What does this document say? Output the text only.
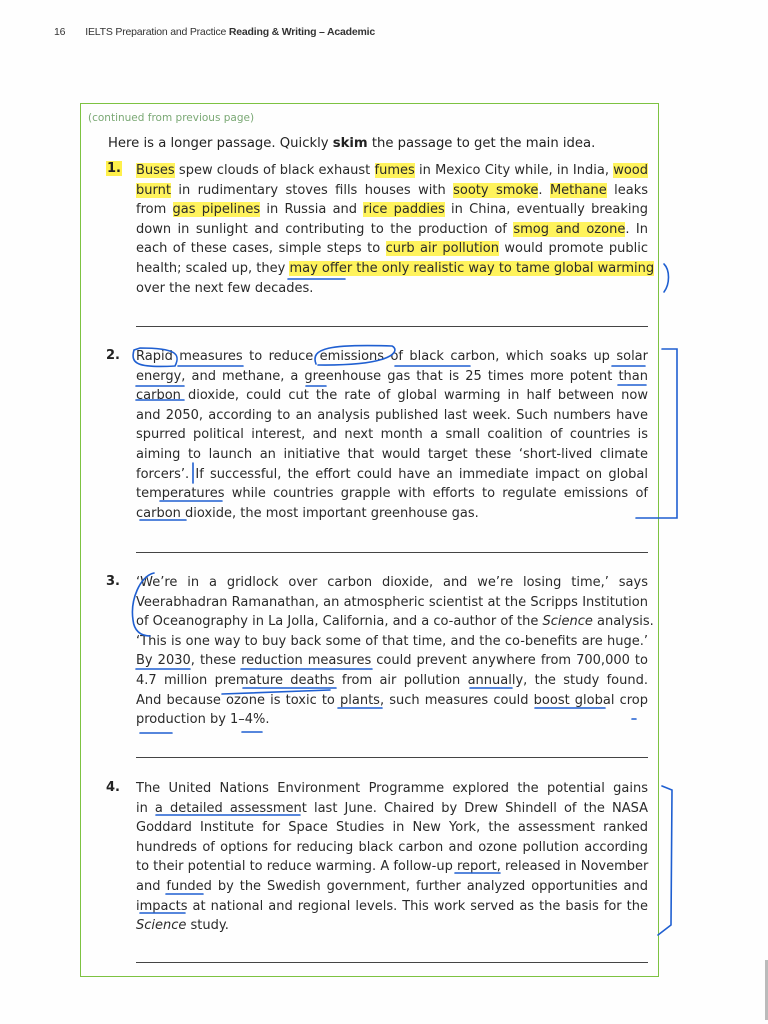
16 IELTS Preparation and Practice Reading & Writing – Academic
(continued from previous page)
Here is a longer passage. Quickly skim the passage to get the main idea.
1. Buses spew clouds of black exhaust fumes in Mexico City while, in India, wood
burnt in rudimentary stoves fills houses with sooty smoke. Methane leaks
from gas pipelines in Russia and rice paddies in China, eventually breaking
down in sunlight and contributing to the production of smog and ozone. In
each of these cases, simple steps to curb air pollution would promote public
health; scaled up, they may offer the only realistic way to tame global warming
over the next few decades.
2. Rapid measures to reduce emissions of black carbon, which soaks up solar
energy, and methane, a greenhouse gas that is 25 times more potent than
carbon dioxide, could cut the rate of global warming in half between now
and 2050, according to an analysis published last week. Such numbers have
spurred political interest, and next month a small coalition of countries is
aiming to launch an initiative that would target these ‘short-lived climate
forcers’. If successful, the effort could have an immediate impact on global
temperatures while countries grapple with efforts to regulate emissions of
carbon dioxide, the most important greenhouse gas.
3. ‘We’re in a gridlock over carbon dioxide, and we’re losing time,’ says
Veerabhadran Ramanathan, an atmospheric scientist at the Scripps Institution
of Oceanography in La Jolla, California, and a co-author of the Science analysis.
‘This is one way to buy back some of that time, and the co-benefits are huge.’
By 2030, these reduction measures could prevent anywhere from 700,000 to
4.7 million premature deaths from air pollution annually, the study found.
And because ozone is toxic to plants, such measures could boost global crop
production by 1–4%.
4. The United Nations Environment Programme explored the potential gains
in a detailed assessment last June. Chaired by Drew Shindell of the NASA
Goddard Institute for Space Studies in New York, the assessment ranked
hundreds of options for reducing black carbon and ozone pollution according
to their potential to reduce warming. A follow-up report, released in November
and funded by the Swedish government, further analyzed opportunities and
impacts at national and regional levels. This work served as the basis for the
Science study.
